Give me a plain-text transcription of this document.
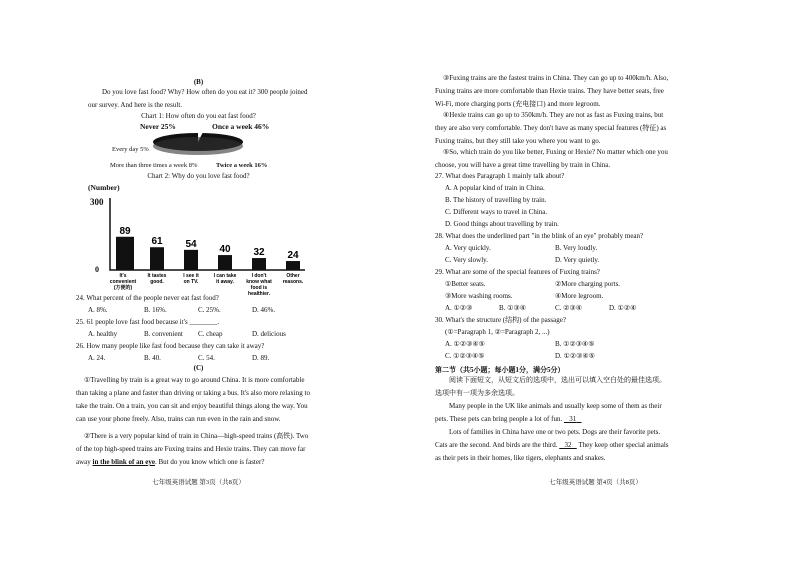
(B)
Do you love fast food? Why? How often do you eat it? 300 people joined our survey. And here is the result.
Chart 1: How often do you eat fast food?
Never 25%	Once a week 46%
Every day 5%
More than three times a week 8%	Twice a week 16%
Chart 2: Why do you love fast food?
(Number)
300
0
89
It's
convenient
(方便的)
61
It tastes
good.
54
I see it
on TV.
40
I can take
it away.
32
I don't
know what
food is
healthier.
24
Other
reasons.
24. What percent of the people never eat fast food?
A. 8%.	B. 16%.	C. 25%.	D. 46%.
25. 61 people love fast food because it's ________.
A. healthy	B. convenient C. cheap	D. delicious
26. How many people like fast food because they can take it away?
A. 24.	B. 40.	C. 54.	D. 89.
(C)
①Travelling by train is a great way to go around China. It is more comfortable than taking a plane and faster than driving or taking a bus. It's also more relaxing to take the train. On a train, you can sit and enjoy beautiful things along the way. You can use your phone freely. Also, trains can run even in the rain and snow.
②There is a very popular kind of train in China—high-speed trains (高铁). Two of the top high-speed trains are Fuxing trains and Hexie trains. They can move far away in the blink of an eye. But do you know which one is faster?
七年级英语试题 第3页（共8页）
③Fuxing trains are the fastest trains in China. They can go up to 400km/h. Also, Fuxing trains are more comfortable than Hexie trains. They have better seats, free Wi-Fi, more charging ports (充电接口) and more legroom.
④Hexie trains can go up to 350km/h. They are not as fast as Fuxing trains, but they are also very comfortable. They don't have as many special features (特征) as Fuxing trains, but they still take you where you want to go.
⑤So, which train do you like better, Fuxing or Hexie? No matter which one you choose, you will have a great time travelling by train in China.
27. What does Paragraph 1 mainly talk about?
A. A popular kind of train in China.
B. The history of travelling by train.
C. Different ways to travel in China.
D. Good things about travelling by train.
28. What does the underlined part "in the blink of an eye" probably mean?
A. Very quickly.	B. Very loudly.
C. Very slowly.	D. Very quietly.
29. What are some of the special features of Fuxing trains?
①Better seats.	②More charging ports.
③More washing rooms.	④More legroom.
A. ①②③	B. ①③④	C. ②③④	D. ①②④
30. What's the structure (结构) of the passage?
(①=Paragraph 1, ②=Paragraph 2, ...)
A. ①②③④⑤	B. ①②③④⑤
C. ①②③④⑤	D. ①②③④⑤
第二节（共5小题；每小题1分，满分5分）
阅读下面短文，从短文后的选项中，选出可以填入空白处的最佳选项。选项中有一项为多余选项。
Many people in the UK like animals and usually keep some of them as their pets. These pets can bring people a lot of fun.    31
Lots of families in China have one or two pets. Dogs are their favorite pets. Cats are the second. And birds are the third.    32    They keep other special animals as their pets in their homes, like tigers, elephants and snakes.
七年级英语试题 第4页（共8页）
